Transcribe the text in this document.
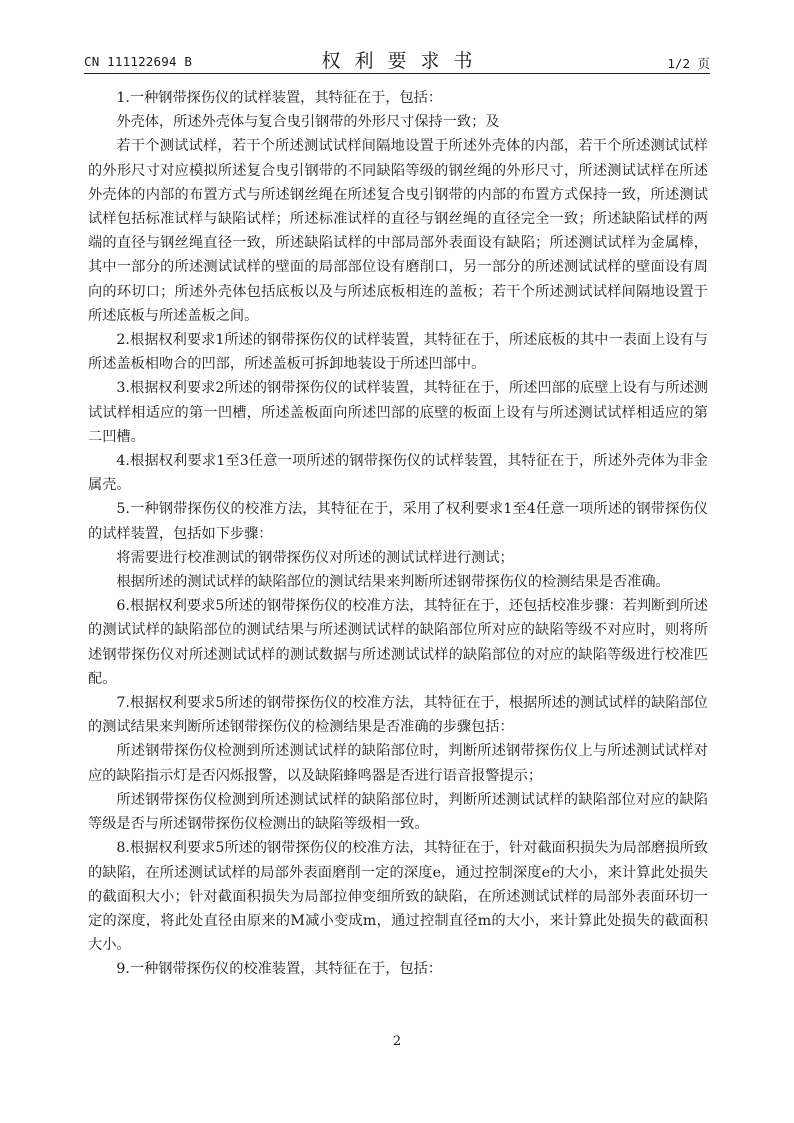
CN 111122694 B	权利要求书	1/2 页

1.一种钢带探伤仪的试样装置，其特征在于，包括：

外壳体，所述外壳体与复合曳引钢带的外形尺寸保持一致；及

若干个测试试样，若干个所述测试试样间隔地设置于所述外壳体的内部，若干个所述测试试样的外形尺寸对应模拟所述复合曳引钢带的不同缺陷等级的钢丝绳的外形尺寸，所述测试试样在所述外壳体的内部的布置方式与所述钢丝绳在所述复合曳引钢带的内部的布置方式保持一致，所述测试试样包括标准试样与缺陷试样；所述标准试样的直径与钢丝绳的直径完全一致；所述缺陷试样的两端的直径与钢丝绳直径一致，所述缺陷试样的中部局部外表面设有缺陷；所述测试试样为金属棒，其中一部分的所述测试试样的壁面的局部部位设有磨削口，另一部分的所述测试试样的壁面设有周向的环切口；所述外壳体包括底板以及与所述底板相连的盖板；若干个所述测试试样间隔地设置于所述底板与所述盖板之间。

2.根据权利要求1所述的钢带探伤仪的试样装置，其特征在于，所述底板的其中一表面上设有与所述盖板相吻合的凹部，所述盖板可拆卸地装设于所述凹部中。

3.根据权利要求2所述的钢带探伤仪的试样装置，其特征在于，所述凹部的底壁上设有与所述测试试样相适应的第一凹槽，所述盖板面向所述凹部的底壁的板面上设有与所述测试试样相适应的第二凹槽。

4.根据权利要求1至3任意一项所述的钢带探伤仪的试样装置，其特征在于，所述外壳体为非金属壳。

5.一种钢带探伤仪的校准方法，其特征在于，采用了权利要求1至4任意一项所述的钢带探伤仪的试样装置，包括如下步骤：

将需要进行校准测试的钢带探伤仪对所述的测试试样进行测试；

根据所述的测试试样的缺陷部位的测试结果来判断所述钢带探伤仪的检测结果是否准确。

6.根据权利要求5所述的钢带探伤仪的校准方法，其特征在于，还包括校准步骤：若判断到所述的测试试样的缺陷部位的测试结果与所述测试试样的缺陷部位所对应的缺陷等级不对应时，则将所述钢带探伤仪对所述测试试样的测试数据与所述测试试样的缺陷部位的对应的缺陷等级进行校准匹配。

7.根据权利要求5所述的钢带探伤仪的校准方法，其特征在于，根据所述的测试试样的缺陷部位的测试结果来判断所述钢带探伤仪的检测结果是否准确的步骤包括：

所述钢带探伤仪检测到所述测试试样的缺陷部位时，判断所述钢带探伤仪上与所述测试试样对应的缺陷指示灯是否闪烁报警，以及缺陷蜂鸣器是否进行语音报警提示；

所述钢带探伤仪检测到所述测试试样的缺陷部位时，判断所述测试试样的缺陷部位对应的缺陷等级是否与所述钢带探伤仪检测出的缺陷等级相一致。

8.根据权利要求5所述的钢带探伤仪的校准方法，其特征在于，针对截面积损失为局部磨损所致的缺陷，在所述测试试样的局部外表面磨削一定的深度e，通过控制深度e的大小，来计算此处损失的截面积大小；针对截面积损失为局部拉伸变细所致的缺陷，在所述测试试样的局部外表面环切一定的深度，将此处直径由原来的M减小变成m，通过控制直径m的大小，来计算此处损失的截面积大小。

9.一种钢带探伤仪的校准装置，其特征在于，包括：

2
